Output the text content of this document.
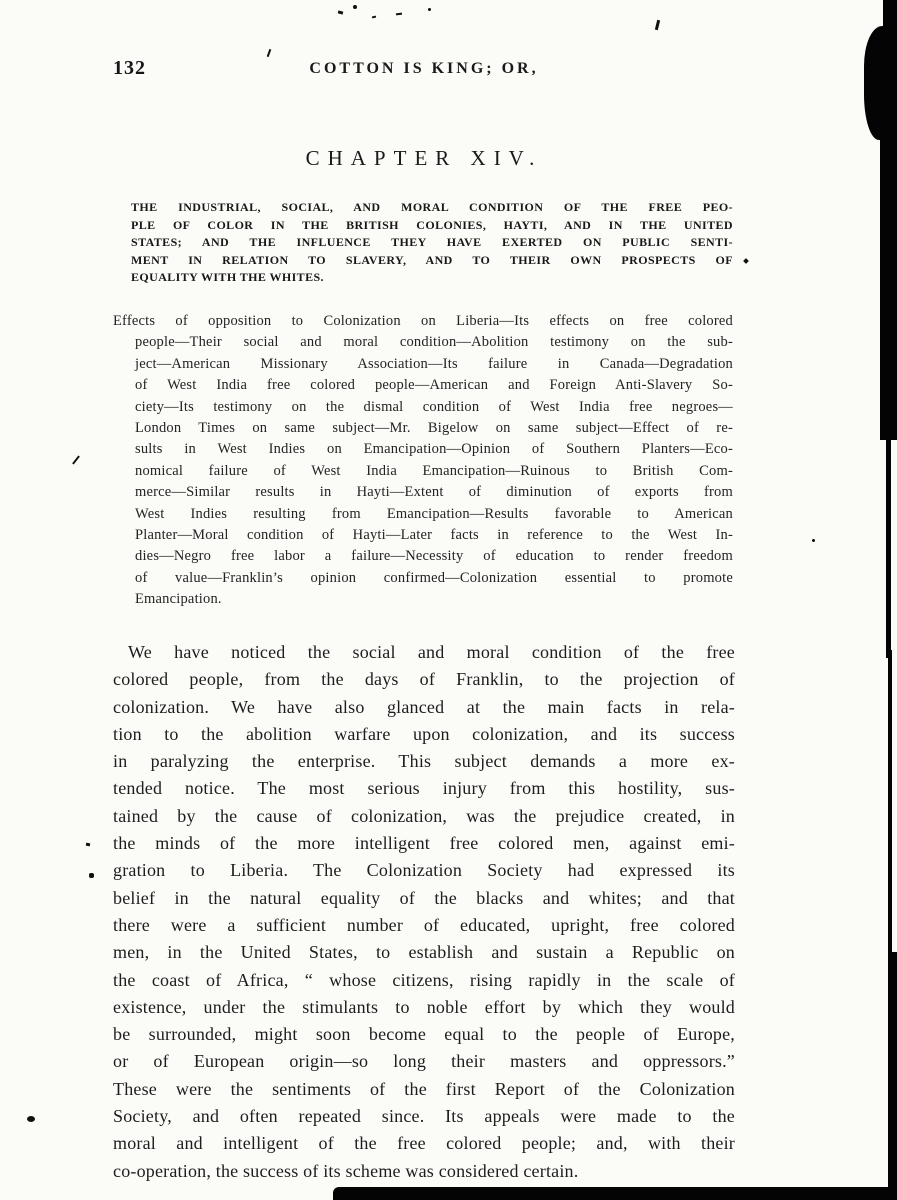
132	COTTON IS KING; OR,
CHAPTER XIV.
THE INDUSTRIAL, SOCIAL, AND MORAL CONDITION OF THE FREE PEO-
PLE OF COLOR IN THE BRITISH COLONIES, HAYTI, AND IN THE UNITED
STATES; AND THE INFLUENCE THEY HAVE EXERTED ON PUBLIC SENTI-
MENT IN RELATION TO SLAVERY, AND TO THEIR OWN PROSPECTS OF
EQUALITY WITH THE WHITES.
Effects of opposition to Colonization on Liberia—Its effects on free colored
people—Their social and moral condition—Abolition testimony on the sub-
ject—American Missionary Association—Its failure in Canada—Degradation
of West India free colored people—American and Foreign Anti-Slavery So-
ciety—Its testimony on the dismal condition of West India free negroes—
London Times on same subject—Mr. Bigelow on same subject—Effect of re-
sults in West Indies on Emancipation—Opinion of Southern Planters—Eco-
nomical failure of West India Emancipation—Ruinous to British Com-
merce—Similar results in Hayti—Extent of diminution of exports from
West Indies resulting from Emancipation—Results favorable to American
Planter—Moral condition of Hayti—Later facts in reference to the West In-
dies—Negro free labor a failure—Necessity of education to render freedom
of value—Franklin’s opinion confirmed—Colonization essential to promote
Emancipation.
We have noticed the social and moral condition of the free
colored people, from the days of Franklin, to the projection of
colonization. We have also glanced at the main facts in rela-
tion to the abolition warfare upon colonization, and its success
in paralyzing the enterprise. This subject demands a more ex-
tended notice. The most serious injury from this hostility, sus-
tained by the cause of colonization, was the prejudice created, in
the minds of the more intelligent free colored men, against emi-
gration to Liberia. The Colonization Society had expressed its
belief in the natural equality of the blacks and whites; and that
there were a sufficient number of educated, upright, free colored
men, in the United States, to establish and sustain a Republic on
the coast of Africa, “ whose citizens, rising rapidly in the scale of
existence, under the stimulants to noble effort by which they would
be surrounded, might soon become equal to the people of Europe,
or of European origin—so long their masters and oppressors.”
These were the sentiments of the first Report of the Colonization
Society, and often repeated since. Its appeals were made to the
moral and intelligent of the free colored people; and, with their
co-operation, the success of its scheme was considered certain.
